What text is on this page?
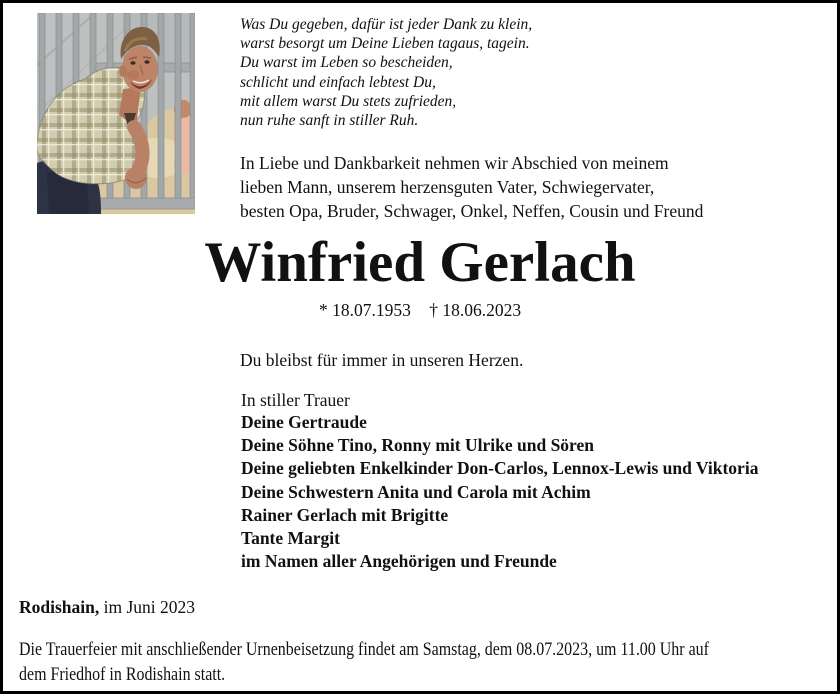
Was Du gegeben, dafür ist jeder Dank zu klein,
warst besorgt um Deine Lieben tagaus, tagein.
Du warst im Leben so bescheiden,
schlicht und einfach lebtest Du,
mit allem warst Du stets zufrieden,
nun ruhe sanft in stiller Ruh.
In Liebe und Dankbarkeit nehmen wir Abschied von meinem
lieben Mann, unserem herzensguten Vater, Schwiegervater,
besten Opa, Bruder, Schwager, Onkel, Neffen, Cousin und Freund
Winfried Gerlach
* 18.07.1953 † 18.06.2023
Du bleibst für immer in unseren Herzen.
In stiller Trauer
Deine Gertraude
Deine Söhne Tino, Ronny mit Ulrike und Sören
Deine geliebten Enkelkinder Don-Carlos, Lennox-Lewis und Viktoria
Deine Schwestern Anita und Carola mit Achim
Rainer Gerlach mit Brigitte
Tante Margit
im Namen aller Angehörigen und Freunde
Rodishain, im Juni 2023
Die Trauerfeier mit anschließender Urnenbeisetzung findet am Samstag, dem 08.07.2023, um 11.00 Uhr auf
dem Friedhof in Rodishain statt.
